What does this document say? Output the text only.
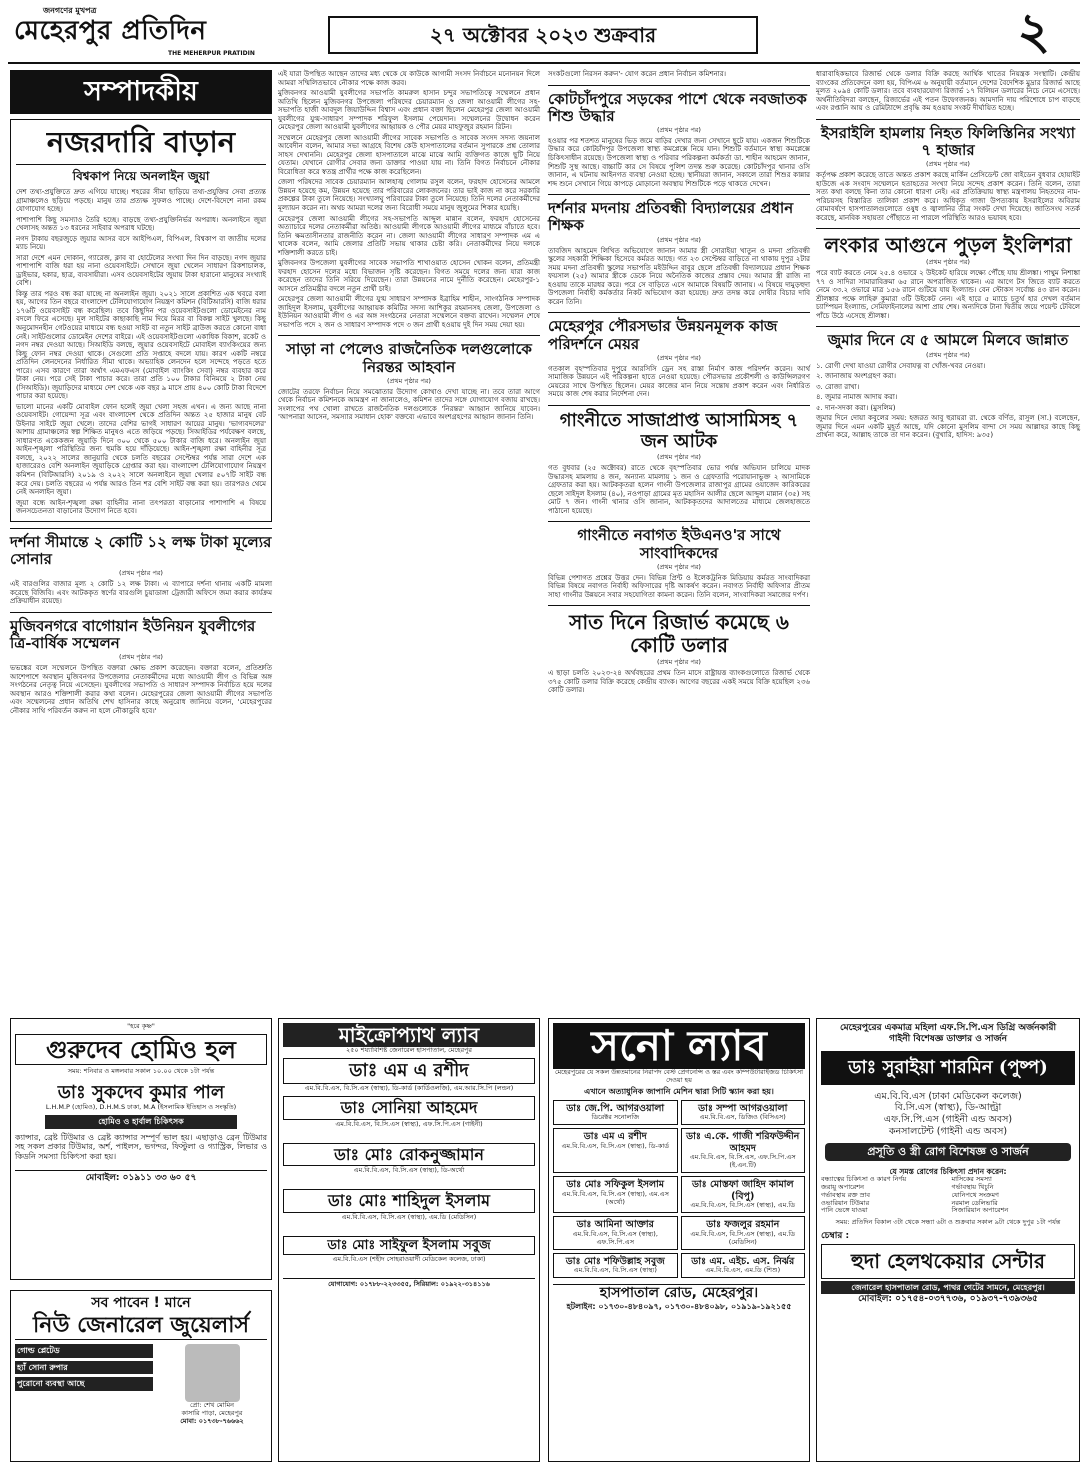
জনগণের মুখপত্র
মেহেরপুর প্রতিদিন
THE MEHERPUR PRATIDIN
২৭ অক্টোবর ২০২৩ শুক্রবার	২
সম্পাদকীয়
নজরদারি বাড়ান
বিশ্বকাপ নিয়ে অনলাইন জুয়া

দেশ তথ্য-প্রযুক্তিতে দ্রুত এগিয়ে যাচ্ছে। শহরের সীমা ছাড়িয়ে তথ্য-প্রযুক্তির সেবা প্রত্যন্ত গ্রামাঞ্চলেও ছড়িয়ে পড়ছে। মানুষ তার প্রত্যক্ষ সুফলও পাচ্ছে। দেশে-বিদেশে নানা রকম যোগাযোগ হচ্ছে।

পাশাপাশি কিছু সমস্যাও তৈরি হচ্ছে। বাড়ছে তথ্য-প্রযুক্তিনির্ভর অপরাধ। অনলাইনে জুয়া খেলাসহ অন্তত ১৩ ধরনের সাইবার অপরাধ ঘটছে।

নগদ টাকায় বছরজুড়ে জুয়ার আসর বসে আইপিএল, বিপিএল, বিশ্বকাপ বা জাতীয় দলের ম্যাচ নিয়ে।

সারা দেশে এমন দোকান, গ্যারেজ, ক্লাব বা হোটেলের সংখ্যা দিন দিন বাড়ছে। নগদ জুয়ার পাশাপাশি বাজি ধরা হয় নানা ওয়েবসাইটে। সেখানে জুয়া খেলেন সাধারণ রিকশাচালক, ড্রাইভার, হকার, ছাত্র, ব্যবসায়ীরা। এসব ওয়েবসাইটের জুয়ায় টাকা হারানো মানুষের সংখ্যাই বেশি।

কিন্তু তার পরও বন্ধ করা যাচ্ছে না অনলাইন জুয়া। ২০২১ সালে প্রকাশিত এক খবরে বলা হয়, আগের তিন বছরে বাংলাদেশ টেলিযোগাযোগ নিয়ন্ত্রণ কমিশন (বিটিআরসি) বাজি ধরার ১৭৬টি ওয়েবসাইট বন্ধ করেছিল। তবে কিছুদিন পর ওয়েবসাইটগুলো ডোমেইনের নাম বদলে ফিরে এসেছে। মূল সাইটের কাছাকাছি নাম দিয়ে মিরর বা বিকল্প সাইট খুলছে। কিছু অনুমোদনহীন গেটওয়ের মাধ্যমে বন্ধ হওয়া সাইট বা নতুন সাইট ব্রাউজ করতে কোনো বাধা নেই। সাইটগুলোর ডোমেইন দেশের বাইরে। এই ওয়েবসাইটগুলো একাধিক বিকাশ, রকেট ও নগদ নম্বর দেওয়া আছে। সিআইডি বলছে, জুয়ার ওয়েবসাইটে মোবাইল ব্যাংকিংয়ের জন্য কিছু ফোন নম্বর দেওয়া থাকে। সেগুলো প্রতি সপ্তাহে বদলে যায়। কারণ একটি নম্বরে প্রতিদিন লেনদেনের নির্ধারিত সীমা থাকে। অভ্যাহিক লেনদেন হলে সন্দেহে পড়তে হতে পারে। এসব কারণে তারা অর্থাৎ এমএফএস (মোবাইল ব্যাংকিং সেবা) নম্বর ব্যবহার করে টাকা নেয়। পরে সেই টাকা পাচার করে। তারা প্রতি ১০০ টাকার বিনিময়ে ২ টাকা নেয় (সিআইডি)। জুয়াড়িদের মাধ্যমে দেশ থেকে এক বছর ৯ মাসে প্রায় ৪০০ কোটি টাকা বিদেশে পাচার করা হয়েছে।

ভালো মানের একটি মোবাইল ফোন হলেই জুয়া খেলা সহজ এখন। এ জন্য আছে নানা ওয়েবসাইট। গোয়েন্দা সূত্র এবং বাংলাদেশ থেকে প্রতিদিন অন্তত ২৫ হাজার মানুষ বেট উইনার সাইটে জুয়া খেলে। তাদের বেশির ভাগই সাধারণ আয়ের মানুষ। 'ভাগ্যবদলের' আশায় গ্রামাঞ্চলের স্বল্প শিক্ষিত মানুষও এতে জড়িয়ে পড়ছে। সিআইডির পর্যবেক্ষণ বলছে, সাধারণত একেকজন জুয়াড়ি দিনে ৩০০ থেকে ৫০০ টাকার বাজি ধরে। অনলাইন জুয়া আইন-শৃঙ্খলা পরিস্থিতির জন্য হুমকি হয়ে দাঁড়িয়েছে। আইন-শৃঙ্খলা রক্ষা বাহিনীর সূত্র বলছে, ২০২২ সালের জানুয়ারি থেকে চলতি বছরের সেপ্টেম্বর পর্যন্ত সারা দেশে এক হাজারেরও বেশি অনলাইন জুয়াড়িকে গ্রেপ্তার করা হয়। বাংলাদেশ টেলিযোগাযোগ নিয়ন্ত্রণ কমিশন (বিটিআরসি) ২০১৯ ও ২০২২ সালে অনলাইনে জুয়া খেলার ৫০৭টি সাইট বন্ধ করে দেয়। চলতি বছরের এ পর্যন্ত আরও তিন শর বেশি সাইট বন্ধ করা হয়। তারপরও থেমে নেই অনলাইন জুয়া।

জুয়া বন্ধে আইন-শৃঙ্খলা রক্ষা বাহিনীর নানা তৎপরতা বাড়ানোর পাশাপাশি এ বিষয়ে জনসচেতনতা বাড়ানোর উদ্যোগ নিতে হবে।

দর্শনা সীমান্তে ২ কোটি ১২ লক্ষ টাকা মূল্যের সোনার
(প্রথম পৃষ্ঠার পর)

এই বারগুলির বাজার মূল্য ২ কোটি ১২ লক্ষ টাকা। এ ব্যাপারে দর্শনা থানায় একটি মামলা করেছে বিজিবি। এবং আটককৃত স্বর্ণের বারগুলি চুয়াডাঙ্গা ট্রেজারী অফিসে জমা করার কার্যক্রম প্রক্রিয়াধীন রয়েছে।

মুজিবনগরে বাগোয়ান ইউনিয়ন যুবলীগের ত্রি-বার্ষিক সম্মেলন
(প্রথম পৃষ্ঠার পর)

ভভঙ্কের বলে সম্মেলনে উপস্থিত বক্তারা ক্ষোভ প্রকাশ করেছেন। বক্তারা বলেন, প্রতিশ্রুতি আশেপাশে অবস্থান মুজিবনগর উপজেলার নেতাকর্মীদের মধ্যে আওয়ামী লীগ ও বিভিন্ন অঙ্গ সংগঠনের নেতৃত্ব নিয়ে এসেছেন। যুবলীগের সভাপতি ও সাধারণ সম্পাদক নির্বাচিত হয়ে দলের অবস্থান আরও শক্তিশালী করার কথা বলেন। মেহেরপুরের জেলা আওয়ামী লীগের সভাপতি এবং সম্মেলনের প্রধান অতিথি শেখ হাসিনার কাছে অনুরোধ জানিয়ে বলেন, 'মেহেরপুরের নৌকার সাথি পরিবর্তন করুন না হলে নৌকাডুবি হবে।'

এই যারা উপস্থিত আছেন তাদের মধ্য থেকে যে কাউকে আগামী সংসদ নির্বাচনে মনোনয়ন দিলে আমরা সম্মিলিতভাবে নৌকার পক্ষে কাজ করব।

মুজিবনগর আওয়ামী যুবলীগের সভাপতি কামরুল হাসান চন্দুর সভাপতিত্বে সম্মেলনে প্রধান অতিথি ছিলেন মুজিবনগর উপজেলা পরিষদের চেয়ারম্যান ও জেলা আওয়ামী লীগের সহ-সভাপতি হাজী আবদুল জিয়াউদ্দিন বিশ্বাস এবং প্রধান বক্তা ছিলেন মেহেরপুর জেলা আওয়ামী যুবলীগের যুগ্ম-সাধারণ সম্পাদক শরিফুল ইসলাম পেয়েদান। সম্মেলনের উদ্বোধন করেন মেহেরপুর জেলা আওয়ামী যুবলীগের আহ্বায়ক ও পৌর মেয়র মাহফুজুর রহমান রিটন।

সম্মেলনে মেহেরপুর জেলা আওয়ামী লীগের সাবেক সভাপতি ও সাবেক সংসদ সদস্য জয়নাল আবেদীন বলেন, আমার সভা আগ্রহে বিশেষ কেউ হাসপাতালের বর্তমান সুপারকে প্রশ্ন তোলার সাহস দেখাননি। মেহেরপুর জেলা হাসপাতালে মাঝে মাঝে আমি ব্যক্তিগত কাজে ছুটি নিয়ে যেতাম। যেখানে রোগীর সেবার জন্য ডাক্তার পাওয়া যায় না। তিনি বিগত নির্বাচনে নৌকার বিরোধিতা করে স্বতন্ত্র প্রার্থীর পক্ষে কাজ করেছিলেন।

জেলা পরিষদের সাবেক চেয়ারম্যান আলহাজ্ব গোলাম রসুল বলেন, ফরহাদ হোসেনের আমলে উন্নয়ন হয়েছে কম, উন্নয়ন হয়েছে তার পরিবারের লোকজনের। তার ভাই কাজ না করে সরকারি প্রকল্পের টাকা তুলে নিয়েছে। সংখ্যালঘু পরিবারের টাকা তুলে নিয়েছে। তিনি দলের নেতাকর্মীদের মূল্যায়ন করেন না। অথচ আমরা দলের জন্য বিরোধী সময়ে মানুষ জুলুমের শিকার হয়েছি।

মেহেরপুর জেলা আওয়ামী লীগের সহ-সভাপতি আব্দুল মান্নান বলেন, ফরহাদ হোসেনের অত্যাচারে দলের নেতাকর্মীরা অতিষ্ঠ। আওয়ামী লীগকে আওয়ামী লীগের মাধ্যমে বাঁচাতে হবে। তিনি ক্ষমতাসীনতার রাজনীতি করেন না। জেলা আওয়ামী লীগের সাধারণ সম্পাদক এম এ খালেক বলেন, আমি জেলার প্রতিটি সভায় থাকার চেষ্টা করি। নেতাকর্মীদের নিয়ে দলকে শক্তিশালী করতে চাই।

মুজিবনগর উপজেলা যুবলীগের সাবেক সভাপতি শাখাওয়াত হোসেন খোকন বলেন, প্রতিমন্ত্রী ফরহাদ হোসেন দলের মধ্যে বিভাজন সৃষ্টি করেছেন। বিগত সময়ে দলের জন্য যারা কাজ করেছেন তাদের তিনি সরিয়ে দিয়েছেন। তারা উন্নয়নের নামে দুর্নীতি করেছেন। মেহেরপুর-১ আসনে প্রতিমন্ত্রীর বদলে নতুন প্রার্থী চাই।

মেহেরপুর জেলা আওয়ামী লীগের যুগ্ম সাধারণ সম্পাদক ইব্রাহিম শাহীন, সাংগঠনিক সম্পাদক জাহিদুল ইসলাম, যুবলীগের আহ্বায়ক কমিটির সদস্য আশিকুর রহমানসহ জেলা, উপজেলা ও ইউনিয়ন আওয়ামী লীগ ও এর অঙ্গ সংগঠনের নেতারা সম্মেলনে বক্তব্য রাখেন। সম্মেলন শেষে সভাপতি পদে ২ জন ও সাধারণ সম্পাদক পদে ৩ জন প্রার্থী হওয়ায় দুই দিন সময় দেয়া হয়।

সাড়া না পেলেও রাজনৈতিক দলগুলোকে নিরন্তর আহবান
(প্রথম পৃষ্ঠার পর)

জোটের তরফে নির্বাচন নিয়ে সমঝোতার উদ্যোগ কোথাও দেখা যাচ্ছে না। তবে তারা আগে থেকে নির্বাচন কমিশনকে আমন্ত্রণ না জানালেও, কমিশন তাদের সঙ্গে যোগাযোগ বজায় রাখছে। সংলাপের পথ খোলা রাখতে রাজনৈতিক দলগুলোকে 'নিরন্তর' আহ্বান জানিয়ে যাবেন। 'আপনারা আসেন, সমস্যার সমাধান হোক' বক্তব্যে এভাবে অংশগ্রহণের আহ্বান জানান তিনি।

সংকটগুলো নিরসন করুন'- যোগ করেন প্রধান নির্বাচন কমিশনার।

কোটচাঁদপুরে সড়কের পাশে থেকে নবজাতক শিশু উদ্ধার
(প্রথম পৃষ্ঠার পর)

হওয়ার পর শতশত মানুষের ভিড় জমে বাড়ির দেখার জন্য সেখানে ছুটে যায়। একজন শিশুটিকে উদ্ধার করে কোটচাঁদপুর উপজেলা স্বাস্থ্য কমপ্লেক্সে নিয়ে যান। শিশুটি বর্তমানে স্বাস্থ্য কমপ্লেক্সে চিকিৎসাধীন রয়েছে। উপজেলা স্বাস্থ্য ও পরিবার পরিকল্পনা কর্মকর্তা ডা. শাহীন আহমেদ জানান, শিশুটি সুস্থ আছে। বাচ্চাটি কার সে বিষয়ে পুলিশ তদন্ত শুরু করেছে। কোটচাঁদপুর থানার ওসি জানান, এ ঘটনায় আইনগত ব্যবস্থা নেওয়া হচ্ছে। স্থানীয়রা জানান, সকালে তারা শিশুর কান্নার শব্দ শুনে সেখানে গিয়ে কাপড়ে মোড়ানো অবস্থায় শিশুটিকে পড়ে থাকতে দেখেন।

দর্শনার মদনায় প্রতিবন্ধী বিদ্যালয়ের প্রধান শিক্ষক
(প্রথম পৃষ্ঠার পর)

তাবজিদ আহমেদ লিখিত অভিযোগে জানান আমার স্ত্রী সোরাইয়া খাতুন ও মদনা প্রতিবন্ধী স্কুলের সহকারী শিক্ষিকা হিসেবে কর্মরত আছে। গত ২৩ সেপ্টেম্বর বাড়িতে না থাকায় দুপুর ২টার সময় মদনা প্রতিবন্ধী স্কুলের সভাপতি মইউদ্দিন বাবুর ছেলে প্রতিবন্ধী বিদ্যালয়ের প্রধান শিক্ষক ফয়সাল (২৫) আমার স্ত্রীকে ডেকে নিয়ে অনৈতিক কাজের প্রস্তাব দেয়। আমার স্ত্রী রাজি না হওয়ায় তাকে মারধর করে। পরে সে বাড়িতে এসে আমাকে বিষয়টি জানায়। এ বিষয়ে দামুড়হুদা উপজেলা নির্বাহী কর্মকর্তার নিকট অভিযোগ করা হয়েছে। দ্রুত তদন্ত করে দোষীর বিচার দাবি করেন তিনি।

মেহেরপুর পৌরসভার উন্নয়নমূলক কাজ পরিদর্শনে মেয়র
(প্রথম পৃষ্ঠার পর)

গতকাল বৃহস্পতিবার দুপুরে আরসিসি ড্রেন সহ রাস্তা নির্মাণ কাজ পরিদর্শন করেন। আর্থ সামাজিক উন্নয়নে এই পরিকল্পনা হাতে নেওয়া হয়েছে। পৌরসভার প্রকৌশলী ও কাউন্সিলরগণ মেয়রের সাথে উপস্থিত ছিলেন। মেয়র কাজের মান নিয়ে সন্তোষ প্রকাশ করেন এবং নির্ধারিত সময়ে কাজ শেষ করার নির্দেশনা দেন।

গাংনীতে সাজাপ্রাপ্ত আসামিসহ ৭ জন আটক
(প্রথম পৃষ্ঠার পর)

গত বুধবার (২৫ অক্টোবর) রাতে থেকে বৃহস্পতিবার ভোর পর্যন্ত অভিযান চালিয়ে মাদক উদ্ধারসহ মামলায় ৪ জন, অন্যান্য মামলায় ১ জন ও গ্রেফতারি পরোয়ানাভুক্ত ২ আসামিকে গ্রেফতার করা হয়। আটককৃতরা হলেন গাংনী উপজেলার রাজাপুর গ্রামের ওয়াজেদ কারিকরের ছেলে সাইদুল ইসলাম (৪০), নওপাড়া গ্রামের মৃত মহাসিন আলীর ছেলে আব্দুল মান্নান (৩৫) সহ মোট ৭ জন। গাংনী থানার ওসি জানান, আটককৃতদের আদালতের মাধ্যমে জেলহাজতে পাঠানো হয়েছে।

গাংনীতে নবাগত ইউএনও'র সাথে সাংবাদিকদের
(প্রথম পৃষ্ঠার পর)

বিভিন্ন পেশাগত প্রশ্নের উত্তর দেন। বিভিন্ন প্রিন্ট ও ইলেকট্রনিক মিডিয়ায় কর্মরত সাংবাদিকরা বিভিন্ন বিষয়ে নবাগত নির্বাহী অফিসারের দৃষ্টি আকর্ষণ করেন। নবাগত নির্বাহী অফিসার প্রীতম সাহা গাংনীর উন্নয়নে সবার সহযোগিতা কামনা করেন। তিনি বলেন, সাংবাদিকরা সমাজের দর্পণ।

সাত দিনে রিজার্ভ কমেছে ৬ কোটি ডলার
(প্রথম পৃষ্ঠার পর)

এ ছাড়া চলতি ২০২৩-২৪ অর্থবছরের প্রথম তিন মাসে রাষ্ট্রায়ত্ত ব্যাংকগুলোতে রিজার্ভ থেকে ৩৭৫ কোটি ডলার বিক্রি করেছে কেন্দ্রীয় ব্যাংক। আগের বছরের একই সময়ে বিক্রি হয়েছিল ২৩৬ কোটি ডলার।

ধারাবাহিকভাবে রিজার্ভ থেকে ডলার বিক্রি করছে আর্থিক খাতের নিয়ন্ত্রক সংস্থাটি। কেন্দ্রীয় ব্যাংকের প্রতিবেদনে বলা হয়, বিপিএম ৬ অনুযায়ী বর্তমানে দেশের বৈদেশিক মুদ্রার রিজার্ভ আছে মূলত ২০৯৪ কোটি ডলার। তবে ব্যবহারযোগ্য রিজার্ভ ১৭ বিলিয়ন ডলারের নিচে নেমে এসেছে। অর্থনীতিবিদরা বলছেন, রিজার্ভের এই পতন উদ্বেগজনক। আমদানি দায় পরিশোধে চাপ বাড়ছে এবং রপ্তানি আয় ও রেমিট্যান্সে প্রবৃদ্ধি কম হওয়ায় সংকট দীর্ঘায়িত হচ্ছে।

ইসরাইলি হামলায় নিহত ফিলিস্তিনির সংখ্যা ৭ হাজার
(প্রথম পৃষ্ঠার পর)

কর্তৃপক্ষ প্রকাশ করেছে তাতে অন্তত প্রকাশ করছে মার্কিন প্রেসিডেন্ট জো বাইডেন বুধবার হোয়াইট হাউজে এক সংবাদ সম্মেলনে হতাহতের সংখ্যা নিয়ে সন্দেহ প্রকাশ করেন। তিনি বলেন, তারা সত্য কথা বলছে কিনা তার কোনো ধারণা নেই। এর প্রতিক্রিয়ায় স্বাস্থ্য মন্ত্রণালয় নিহতদের নাম-পরিচয়সহ বিস্তারিত তালিকা প্রকাশ করে। অধিকৃত গাজা উপত্যকায় ইসরাইলের অবিরাম বোমাবর্ষণে হাসপাতালগুলোতে ওষুধ ও জ্বালানির তীব্র সংকট দেখা দিয়েছে। জাতিসংঘ সতর্ক করেছে, মানবিক সহায়তা পৌঁছাতে না পারলে পরিস্থিতি আরও ভয়াবহ হবে।

লংকার আগুনে পুড়ল ইংলিশরা
(প্রথম পৃষ্ঠার পর)

পরে ব্যাট করতে নেমে ২৫.৪ ওভারে ২ উইকেট হারিয়ে লক্ষ্যে পৌঁছে যায় শ্রীলঙ্কা। পাথুম নিশাঙ্কা ৭৭ ও সাদিরা সামারাবিক্রমা ৬৫ রানে অপরাজিত থাকেন। এর আগে টস জিতে ব্যাট করতে নেমে ৩৩.২ ওভারে মাত্র ১৫৬ রানে গুটিয়ে যায় ইংল্যান্ড। বেন স্টোকস সর্বোচ্চ ৪৩ রান করেন। শ্রীলঙ্কার পক্ষে লাহিরু কুমারা ৩টি উইকেট নেন। এই হারে ৫ ম্যাচে চতুর্থ হার দেখল বর্তমান চ্যাম্পিয়ন ইংল্যান্ড, সেমিফাইনালের আশা প্রায় শেষ। অন্যদিকে টানা দ্বিতীয় জয়ে পয়েন্ট টেবিলে পাঁচে উঠে এসেছে শ্রীলঙ্কা।

জুমার দিনে যে ৫ আমলে মিলবে জান্নাত
(প্রথম পৃষ্ঠার পর)

১. রোগী দেখা যাওয়া রোগীর সেবাযত্ন বা খোঁজ-খবর নেওয়া।

২. জানাজায় অংশগ্রহণ করা।

৩. রোজা রাখা।

৪. জুমার নামাজ আদায় করা।

৫. দান-সদকা করা। (মুসলিম)

জুমার দিনে দোয়া কবুলের সময়: হজরত আবু হুরায়রা রা. থেকে বর্ণিত, রাসুল (সা.) বলেছেন, জুমার দিনে এমন একটি মুহূর্ত আছে, যদি কোনো মুসলিম বান্দা সে সময় আল্লাহর কাছে কিছু প্রার্থনা করে, আল্লাহ তাকে তা দান করেন। (বুখারি, হাদিস: ৯৩৫)

"হরে কৃষ্ণ"
গুরুদেব হোমিও হল
সময়: শনিবার ও মঙ্গলবার সকাল ১০.০০ থেকে ১টা পর্যন্ত
ডাঃ সুকদেব কুমার পাল
L.H.M.P (হোমিও), D.H.M.S ঢাকা, M.A (ইসলামিক ইতিহাস ও সংস্কৃতি)
হোমিও ও হার্বাল চিকিৎসক
ক্যান্সার, ব্রেষ্ট টিউমার ও ব্রেষ্ট ক্যান্সার সম্পূর্ণ ভাল হয়। এছাড়াও ব্রেন টিউমার সহ সকল প্রকার টিউমার, অর্শ, পাইলস, ভগন্দর, ফিস্টুলা ও গ্যাস্ট্রিক, লিভার ও কিডনি সমস্যা চিকিৎসা করা হয়।
মোবাইল: ০১৯১১ ৩৩ ৬০ ৫৭
সব পাবেন ! মানে
নিউ জেনারেল জুয়েলার্স
গোল্ড প্লেটেড
হ্যাঁ সোনা রুপার
পুরোনো ব্যবস্থা আছে
প্রো: শেখ মোমিন
কাসারি পাড়া, মেহেরপুর
মোবা: ০১৭৩৮-৭৬৬৬২
মাইক্রোপ্যাথ ল্যাব
২৫০ শয্যাবিশিষ্ট জেনারেল হাসপাতাল, মেহেরপুর
ডাঃ এম এ রশীদ
এম.বি.বি.এস, বি.সি.এস (স্বাস্থ্য), ডি-কার্ড (কার্ডিওলজি), এম.আর.সি.পি (লন্ডন)
ডাঃ সোনিয়া আহমেদ
এম.বি.বি.এস, বি.সি.এস (স্বাস্থ্য), এফ.সি.পি.এস (গাইনী)
ডাঃ মোঃ রোকনুজ্জামান
এম.বি.বি.এস, বি.সি.এস (স্বাস্থ্য), ডি-অর্থো
ডাঃ মোঃ শাহিদুল ইসলাম
এম.বি.বি.এস, বি.সি.এস (স্বাস্থ্য), এম.ডি (মেডিসিন)
ডাঃ মোঃ সাইফুল ইসলাম সবুজ
এম.বি.বি.এস (শহীদ সোহরাওয়ার্দী মেডিকেল কলেজ, ঢাকা)
যোগাযোগ: ০১৭৮৮-২২৩৩৫৫, সিরিয়াল: ০১৯২২-৩১৪১১৬
সনো ল্যাব
মেহেরপুরের যে সকল উন্নতমানের নিরাপদ বেস্ট প্রেগনেন্সি ও স্তর এবং কম্পিউটারাইজড চিকিৎসা দেওয়া হয়
এখানে অত্যাধুনিক জাপানি মেশিন দ্বারা সিটি স্ক্যান করা হয়।
ডাঃ জে.পি. আগরওয়ালা
ডিরেক্টর সনোলজি
ডাঃ সম্পা আগরওয়ালা
এম.বি.বি.এস, ডিজিও (বিসিএস)
ডাঃ এম এ রশীদ
এম.বি.বি.এস, বি.সি.এস (স্বাস্থ্য), ডি-কার্ড
ডাঃ এ.কে. গাজী শরিফউদ্দীন আহমদ
এম.বি.বি.এস, বি.সি.এস, এফ.সি.পি.এস (ই.এন.টি)
ডাঃ মোঃ সফিকুল ইসলাম
এম.বি.বি.এস, বি.সি.এস (স্বাস্থ্য), এম.এস (অর্থো)
ডাঃ মোস্তফা জাহিদ কামাল (বিপু)
এম.বি.বি.এস, বি.সি.এস (স্বাস্থ্য), এম.ডি
ডাঃ আমিনা আক্তার
এম.বি.বি.এস, বি.সি.এস (স্বাস্থ্য), এফ.সি.পি.এস
ডাঃ ফজলুর রহমান
এম.বি.বি.এস, বি.সি.এস (স্বাস্থ্য), এম.ডি (মেডিসিন)
ডাঃ মোঃ শফিউল্লাহ সবুজ
এম.বি.বি.এস, বি.সি.এস (স্বাস্থ্য)
ডাঃ এম. এইচ. এস. নির্ঝর
এম.বি.বি.এস, এম.ডি (শিশু)
হাসপাতাল রোড, মেহেরপুর।
হটলাইন: ০১৭৩০-৪৮৪০৯৭, ০১৭৩০-৪৮৪০৯৮, ০১৯১৯-১৯২১৫৫
মেহেরপুরের একমাত্র মহিলা এফ.সি.পি.এস ডিগ্রি অর্জনকারী
গাইনী বিশেষজ্ঞ ডাক্তার ও সার্জন
ডাঃ সুরাইয়া শারমিন (পুষ্প)
এম.বি.বি.এস (ঢাকা মেডিকেল কলেজ)
বি.সি.এস (স্বাস্থ্য), ডি-আল্ট্রা
এফ.সি.পি.এস (গাইনী এন্ড অবস)
কনসালটেন্ট (গাইনী এন্ড অবস)
প্রসূতি ও স্ত্রী রোগ বিশেষজ্ঞ ও সার্জন
যে সমস্ত রোগের চিকিৎসা প্রদান করেন:
বন্ধ্যাত্বের চিকিৎসা ও কারণ নির্ণয়
জরায়ু অপারেশন
গর্ভাবস্থায় রক্ত স্রাব
ওভারিয়ান টিউমার
পানি ভেঙ্গে যাওয়া
মাসিকের সমস্যা
গর্ভাবস্থায় খিচুনি
যোনিপথে সংক্রমণ
নরমাল ডেলিভারি
সিজারিয়ান অপারেশন
সময়: প্রতিদিন বিকাল ৩টা থেকে সন্ধ্যা ৬টা ও শুক্রবার সকাল ৯টা থেকে দুপুর ১টা পর্যন্ত
চেম্বার :
হুদা হেলথকেয়ার সেন্টার
জেনারেল হাসপাতাল রোড, পাথর গেটের সামনে, মেহেরপুর।
মোবাইল: ০১৭৫৪-০৩৭৭৩৬, ০১৯৩৭-৭৩৯৩৬৫
